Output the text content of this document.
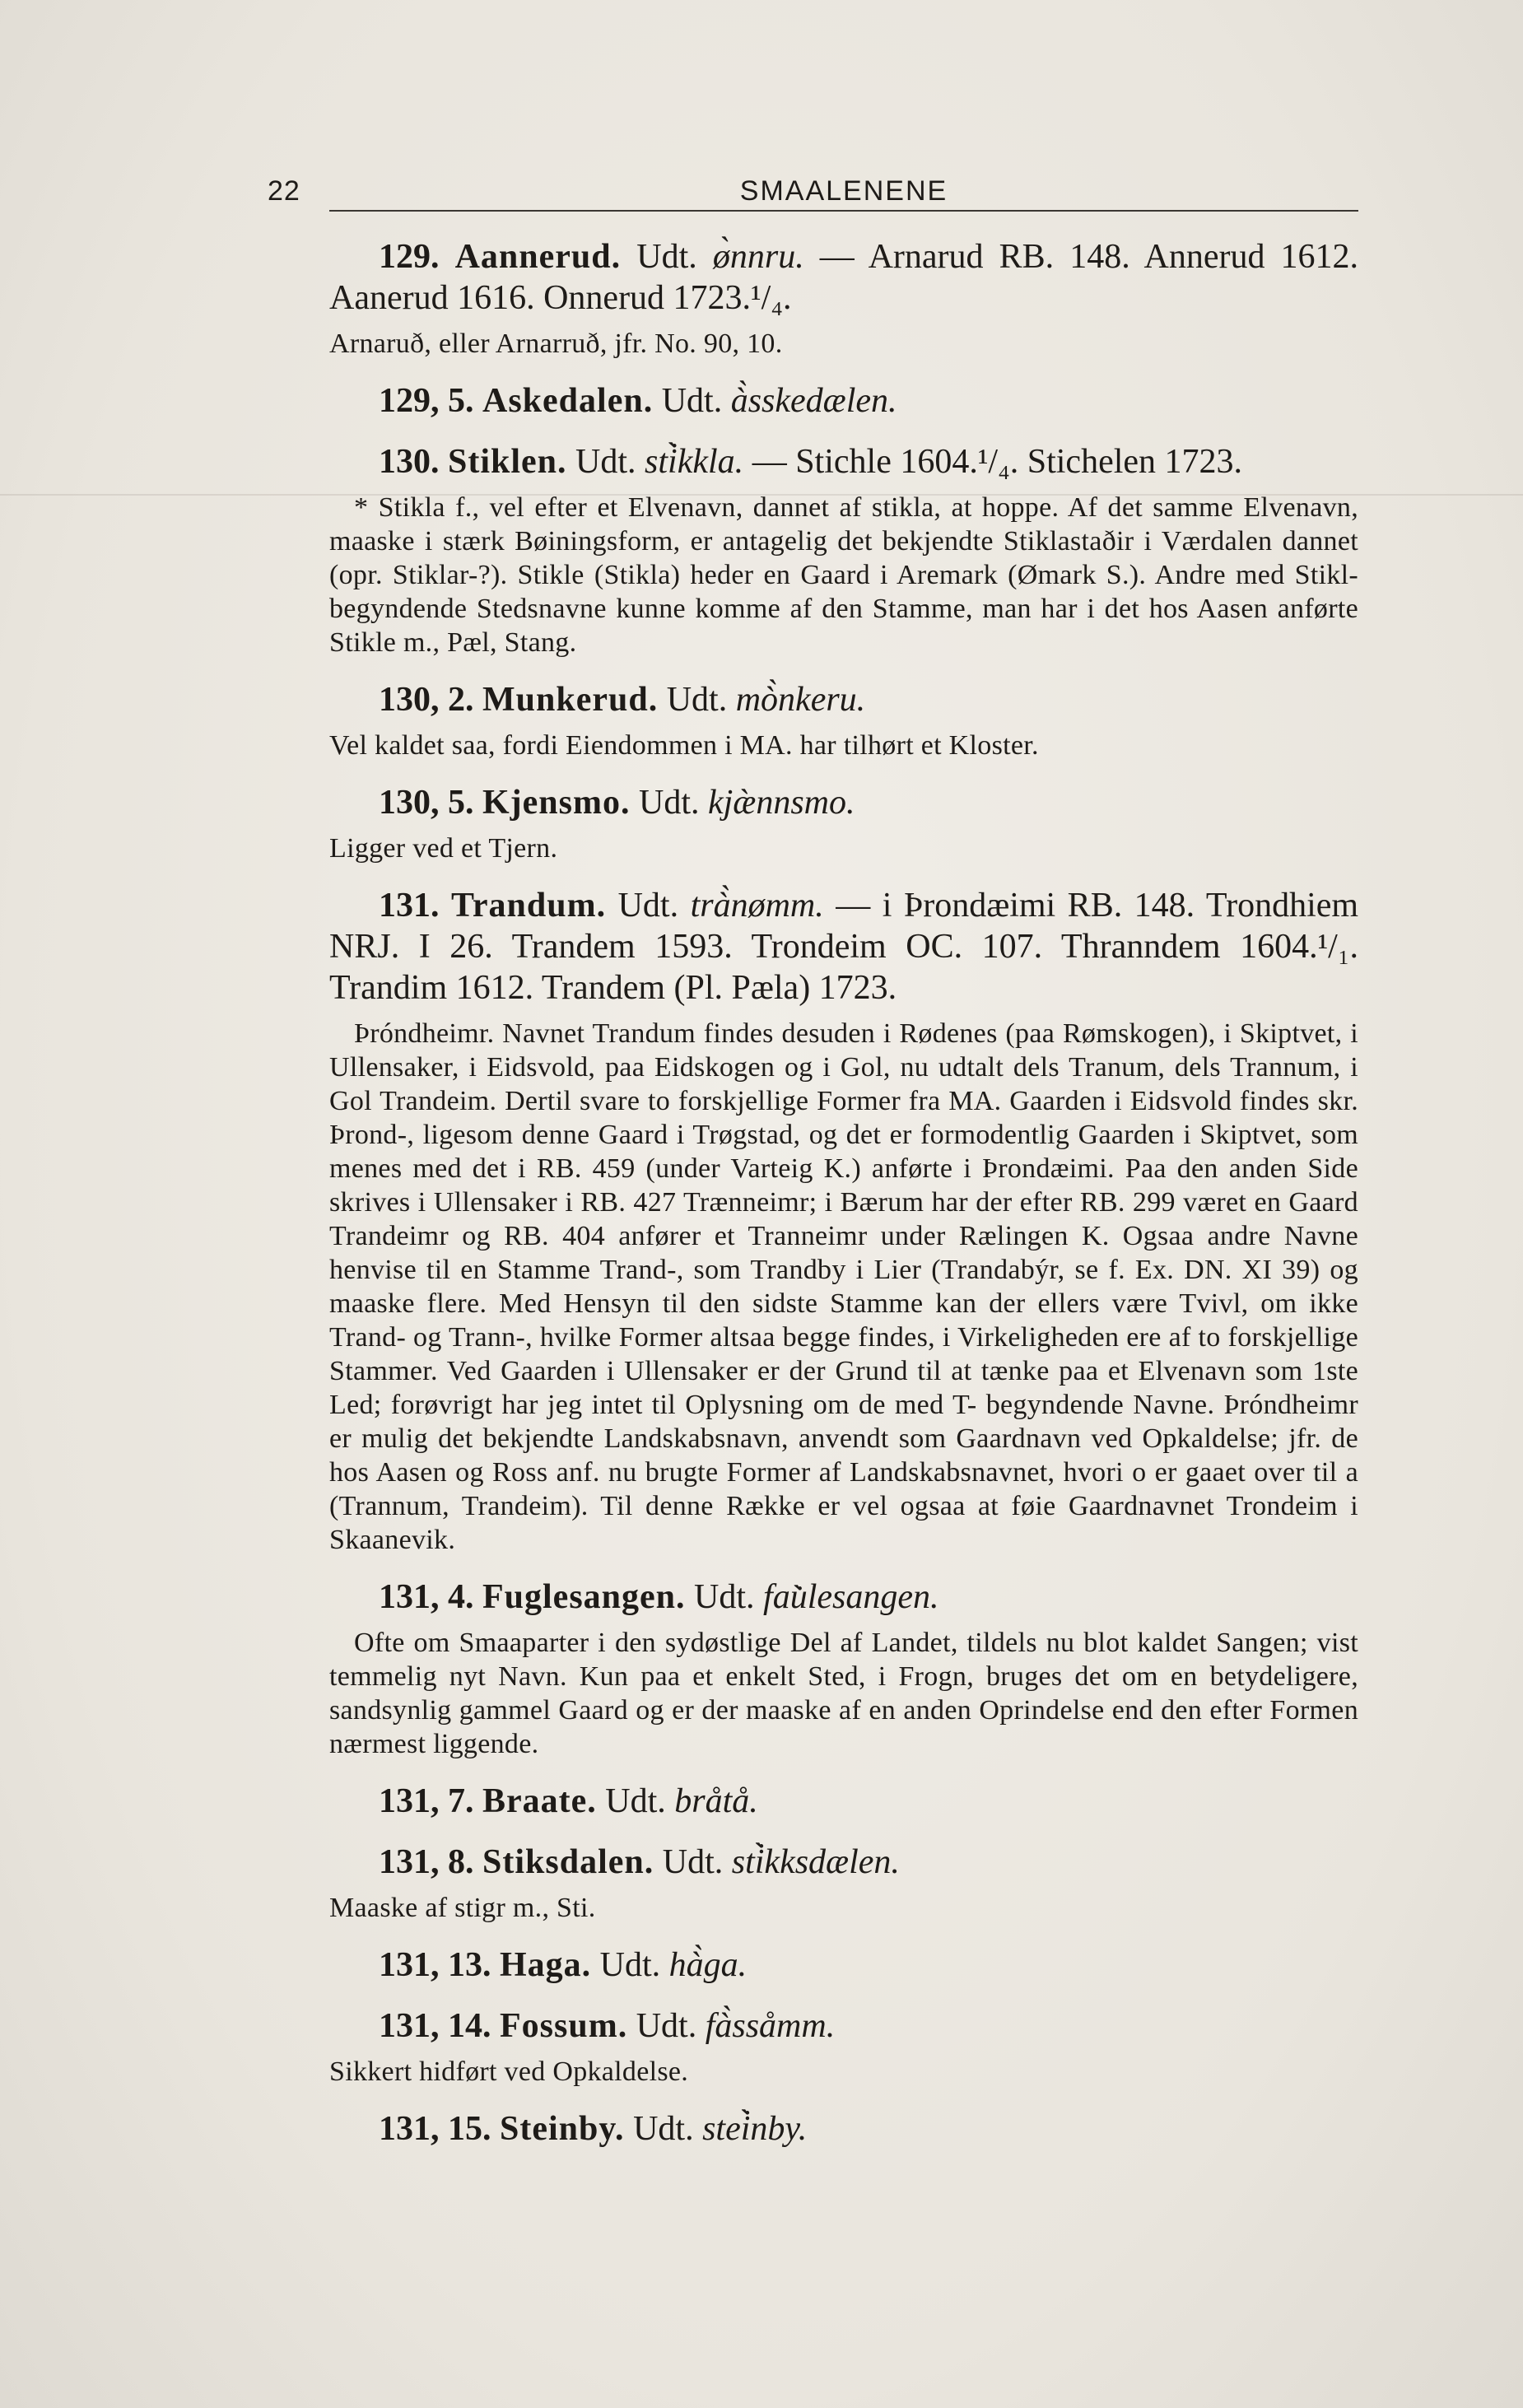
22	SMAALENENE
129. Aannerud. Udt. ø̀nnru. — Arnarud RB. 148. Annerud 1612. Aanerud 1616. Onnerud 1723.¹/₄.
Arnaruð, eller Arnarruð, jfr. No. 90, 10.
129, 5. Askedalen. Udt. à̀sskedælen.
130. Stiklen. Udt. sti̇̀kkla. — Stichle 1604.¹/₄. Stichelen 1723.
* Stikla f., vel efter et Elvenavn, dannet af stikla, at hoppe. Af det samme Elvenavn, maaske i stærk Bøiningsform, er antagelig det bekjendte Stiklastaðir i Værdalen dannet (opr. Stiklar-?). Stikle (Stikla) heder en Gaard i Aremark (Ømark S.). Andre med Stikl- begyndende Stedsnavne kunne komme af den Stamme, man har i det hos Aasen anførte Stikle m., Pæl, Stang.
130, 2. Munkerud. Udt. mò̀nkeru.
Vel kaldet saa, fordi Eiendommen i MA. har tilhørt et Kloster.
130, 5. Kjensmo. Udt. kjæ̀nnsmo.
Ligger ved et Tjern.
131. Trandum. Udt. trà̀nømm. — i Þrondæimi RB. 148. Trondhiem NRJ. I 26. Trandem 1593. Trondeim OC. 107. Thranndem 1604.¹/₁. Trandim 1612. Trandem (Pl. Pæla) 1723.
Þróndheimr. Navnet Trandum findes desuden i Rødenes (paa Rømskogen), i Skiptvet, i Ullensaker, i Eidsvold, paa Eidskogen og i Gol, nu udtalt dels Tranum, dels Trannum, i Gol Trandeim. Dertil svare to forskjellige Former fra MA. Gaarden i Eidsvold findes skr. Þrond-, ligesom denne Gaard i Trøgstad, og det er formodentlig Gaarden i Skiptvet, som menes med det i RB. 459 (under Varteig K.) anførte i Þrondæimi. Paa den anden Side skrives i Ullensaker i RB. 427 Trænneimr; i Bærum har der efter RB. 299 været en Gaard Trandeimr og RB. 404 anfører et Tranneimr under Rælingen K. Ogsaa andre Navne henvise til en Stamme Trand-, som Trandby i Lier (Trandabýr, se f. Ex. DN. XI 39) og maaske flere. Med Hensyn til den sidste Stamme kan der ellers være Tvivl, om ikke Trand- og Trann-, hvilke Former altsaa begge findes, i Virkeligheden ere af to forskjellige Stammer. Ved Gaarden i Ullensaker er der Grund til at tænke paa et Elvenavn som 1ste Led; forøvrigt har jeg intet til Oplysning om de med T- begyndende Navne. Þróndheimr er mulig det bekjendte Landskabsnavn, anvendt som Gaardnavn ved Opkaldelse; jfr. de hos Aasen og Ross anf. nu brugte Former af Landskabsnavnet, hvori o er gaaet over til a (Trannum, Trandeim). Til denne Række er vel ogsaa at føie Gaardnavnet Trondeim i Skaanevik.
131, 4. Fuglesangen. Udt. fau̇̀lesangen.
Ofte om Smaaparter i den sydøstlige Del af Landet, tildels nu blot kaldet Sangen; vist temmelig nyt Navn. Kun paa et enkelt Sted, i Frogn, bruges det om en betydeligere, sandsynlig gammel Gaard og er der maaske af en anden Oprindelse end den efter Formen nærmest liggende.
131, 7. Braate. Udt. bråtå.
131, 8. Stiksdalen. Udt. sti̇̀kksdælen.
Maaske af stigr m., Sti.
131, 13. Haga. Udt. hà̀ga.
131, 14. Fossum. Udt. fà̀ssåmm.
Sikkert hidført ved Opkaldelse.
131, 15. Steinby. Udt. stei̇̀nby.
